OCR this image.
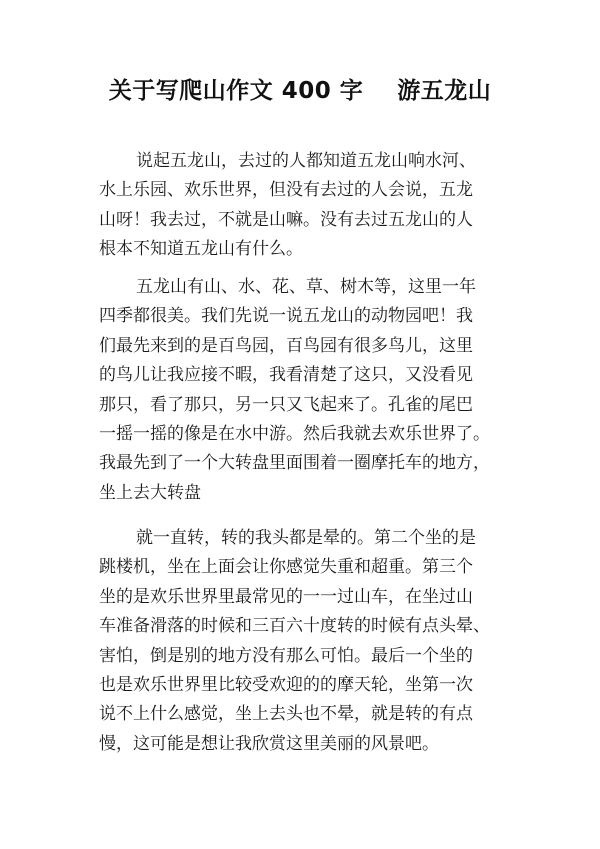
关于写爬山作文 400 字    游五龙山
说起五龙山，去过的人都知道五龙山响水河、
水上乐园、欢乐世界，但没有去过的人会说，五龙
山呀！我去过，不就是山嘛。没有去过五龙山的人
根本不知道五龙山有什么。
五龙山有山、水、花、草、树木等，这里一年
四季都很美。我们先说一说五龙山的动物园吧！我
们最先来到的是百鸟园，百鸟园有很多鸟儿，这里
的鸟儿让我应接不暇，我看清楚了这只，又没看见
那只，看了那只，另一只又飞起来了。孔雀的尾巴
一摇一摇的像是在水中游。然后我就去欢乐世界了。
我最先到了一个大转盘里面围着一圈摩托车的地方，
坐上去大转盘
就一直转，转的我头都是晕的。第二个坐的是
跳楼机，坐在上面会让你感觉失重和超重。第三个
坐的是欢乐世界里最常见的一一过山车，在坐过山
车准备滑落的时候和三百六十度转的时候有点头晕、
害怕，倒是别的地方没有那么可怕。最后一个坐的
也是欢乐世界里比较受欢迎的的摩天轮，坐第一次
说不上什么感觉，坐上去头也不晕，就是转的有点
慢，这可能是想让我欣赏这里美丽的风景吧。
